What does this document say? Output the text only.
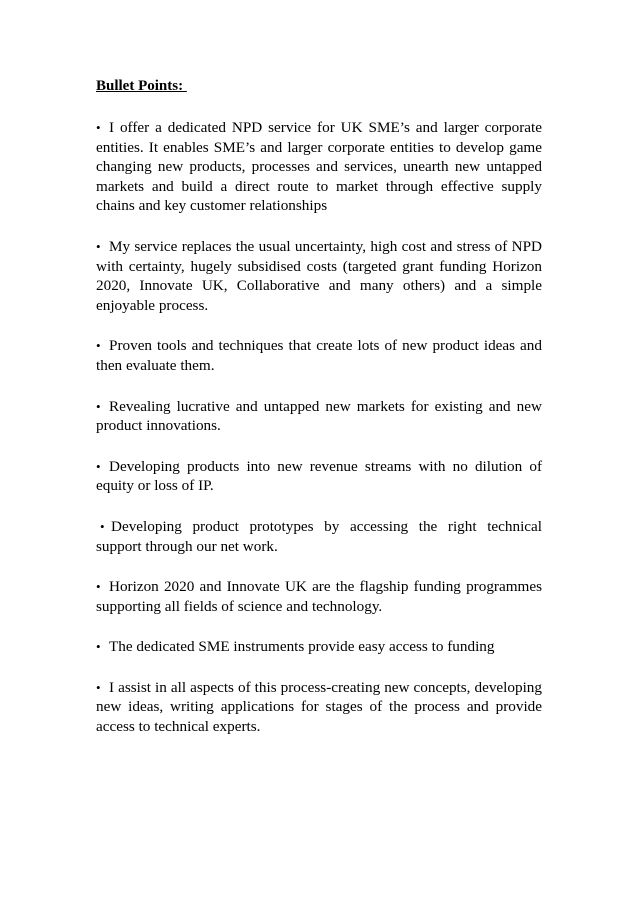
Bullet Points:
• I offer a dedicated NPD service for UK SME’s and larger corporate entities. It enables SME’s and larger corporate entities to develop game changing new products, processes and services, unearth new untapped markets and build a direct route to market through effective supply chains and key customer relationships
• My service replaces the usual uncertainty, high cost and stress of NPD with certainty, hugely subsidised costs (targeted grant funding Horizon 2020, Innovate UK, Collaborative and many others) and a simple enjoyable process.
• Proven tools and techniques that create lots of new product ideas and then evaluate them.
• Revealing lucrative and untapped new markets for existing and new product innovations.
• Developing products into new revenue streams with no dilution of equity or loss of IP.
• Developing product prototypes by accessing the right technical support through our net work.
• Horizon 2020 and Innovate UK are the flagship funding programmes supporting all fields of science and technology.
• The dedicated SME instruments provide easy access to funding
• I assist in all aspects of this process-creating new concepts, developing new ideas, writing applications for stages of the process and provide access to technical experts.
